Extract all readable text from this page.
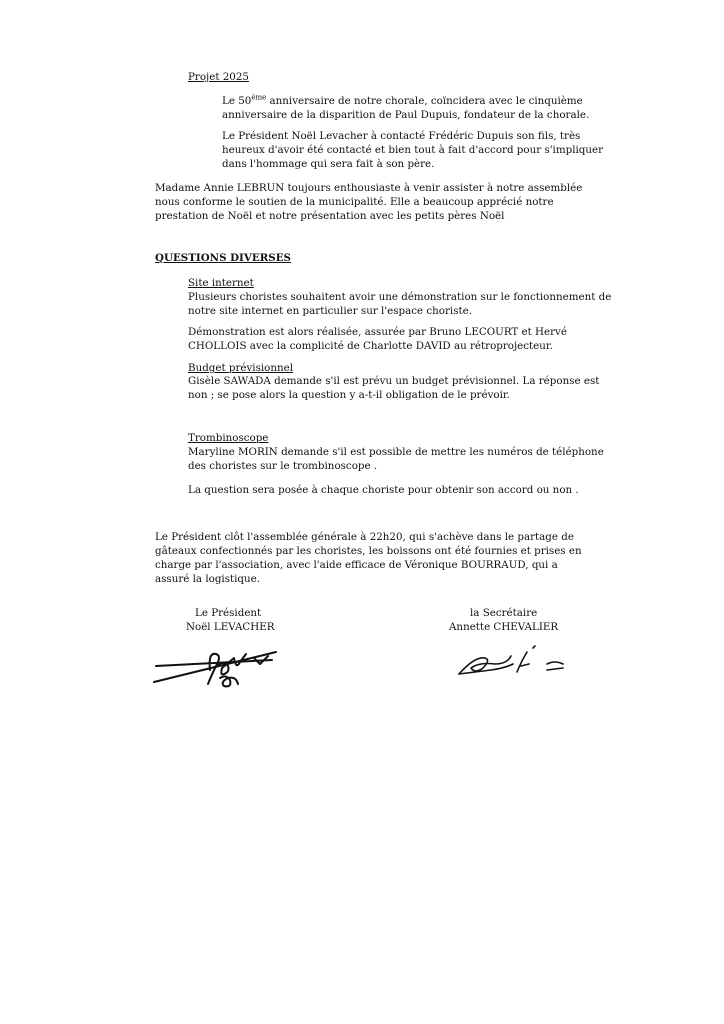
Projet 2025

Le 50ème anniversaire de notre chorale, coïncidera avec le cinquième anniversaire de la disparition de Paul Dupuis, fondateur de la chorale.

Le Président Noël Levacher à contacté Frédéric Dupuis son fils, très heureux d'avoir été contacté et bien tout à fait d'accord pour s'impliquer dans l'hommage qui sera fait à son père.

Madame Annie LEBRUN toujours enthousiaste à venir assister à notre assemblée nous conforme le soutien de la municipalité. Elle a beaucoup apprécié notre prestation de Noël et notre présentation avec les petits pères Noël

QUESTIONS DIVERSES

Site internet

Plusieurs choristes souhaitent avoir une démonstration sur le fonctionnement de notre site internet en particulier sur l'espace choriste.

Démonstration est alors réalisée, assurée par Bruno LECOURT et Hervé CHOLLOIS avec la complicité de Charlotte DAVID au rétroprojecteur.

Budget prévisionnel

Gisèle SAWADA demande s'il est prévu un budget prévisionnel. La réponse est non ; se pose alors la question y a-t-il obligation de le prévoir.

Trombinoscope

Maryline MORIN demande s'il est possible de mettre les numéros de téléphone des choristes sur le trombinoscope .

La question sera posée à chaque choriste pour obtenir son accord ou non .

Le Président clôt l'assemblée générale à 22h20, qui s'achève dans le partage de gâteaux confectionnés par les choristes, les boissons ont été fournies et prises en charge par l'association, avec l'aide efficace de Véronique BOURRAUD, qui a assuré la logistique.

Le Président

Noël LEVACHER

la Secrétaire

Annette CHEVALIER
